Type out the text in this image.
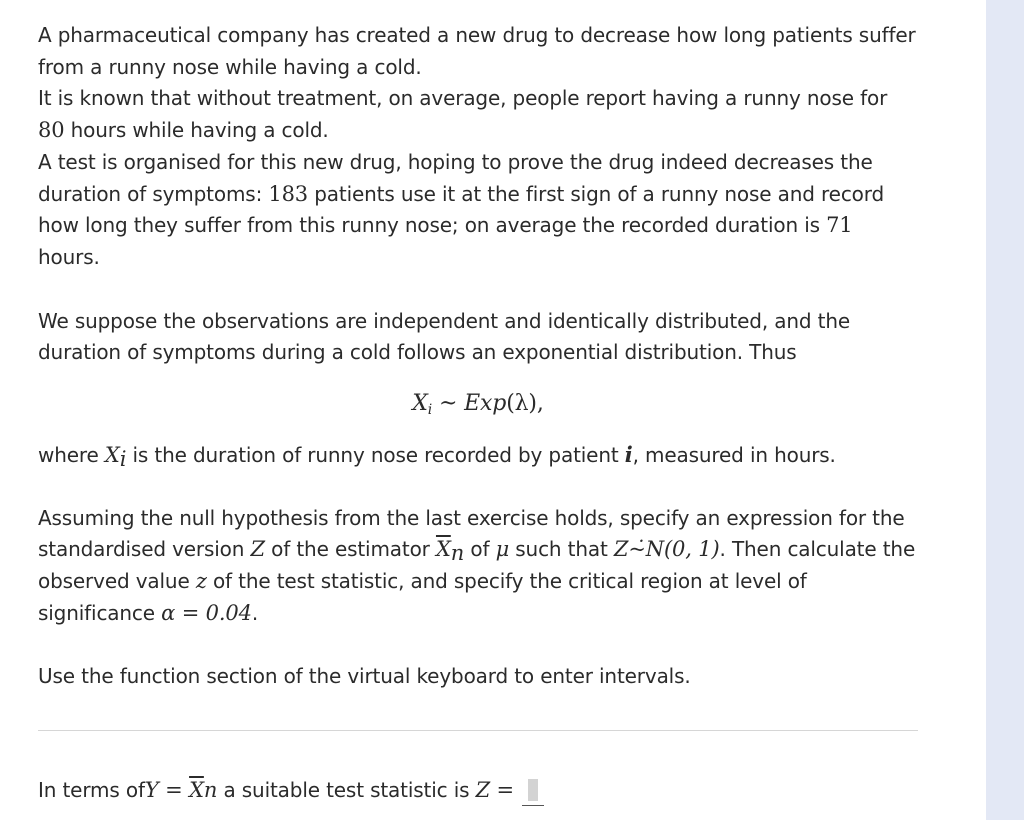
A pharmaceutical company has created a new drug to decrease how long patients suffer from a runny nose while having a cold.
It is known that without treatment, on average, people report having a runny nose for 80 hours while having a cold.
A test is organised for this new drug, hoping to prove the drug indeed decreases the duration of symptoms: 183 patients use it at the first sign of a runny nose and record how long they suffer from this runny nose; on average the recorded duration is 71 hours.

We suppose the observations are independent and identically distributed, and the duration of symptoms during a cold follows an exponential distribution. Thus

$X_i$ ~ Exp(λ),

where $X_i$ is the duration of runny nose recorded by patient i, measured in hours.

Assuming the null hypothesis from the last exercise holds, specify an expression for the standardised version Z of the estimator $\overline{X}_n$ of μ such that Z~̇N(0, 1). Then calculate the observed value z of the test statistic, and specify the critical region at level of significance α = 0.04.

Use the function section of the virtual keyboard to enter intervals.

In terms of $Y = \overline{X}$ n a suitable test statistic is Z =
